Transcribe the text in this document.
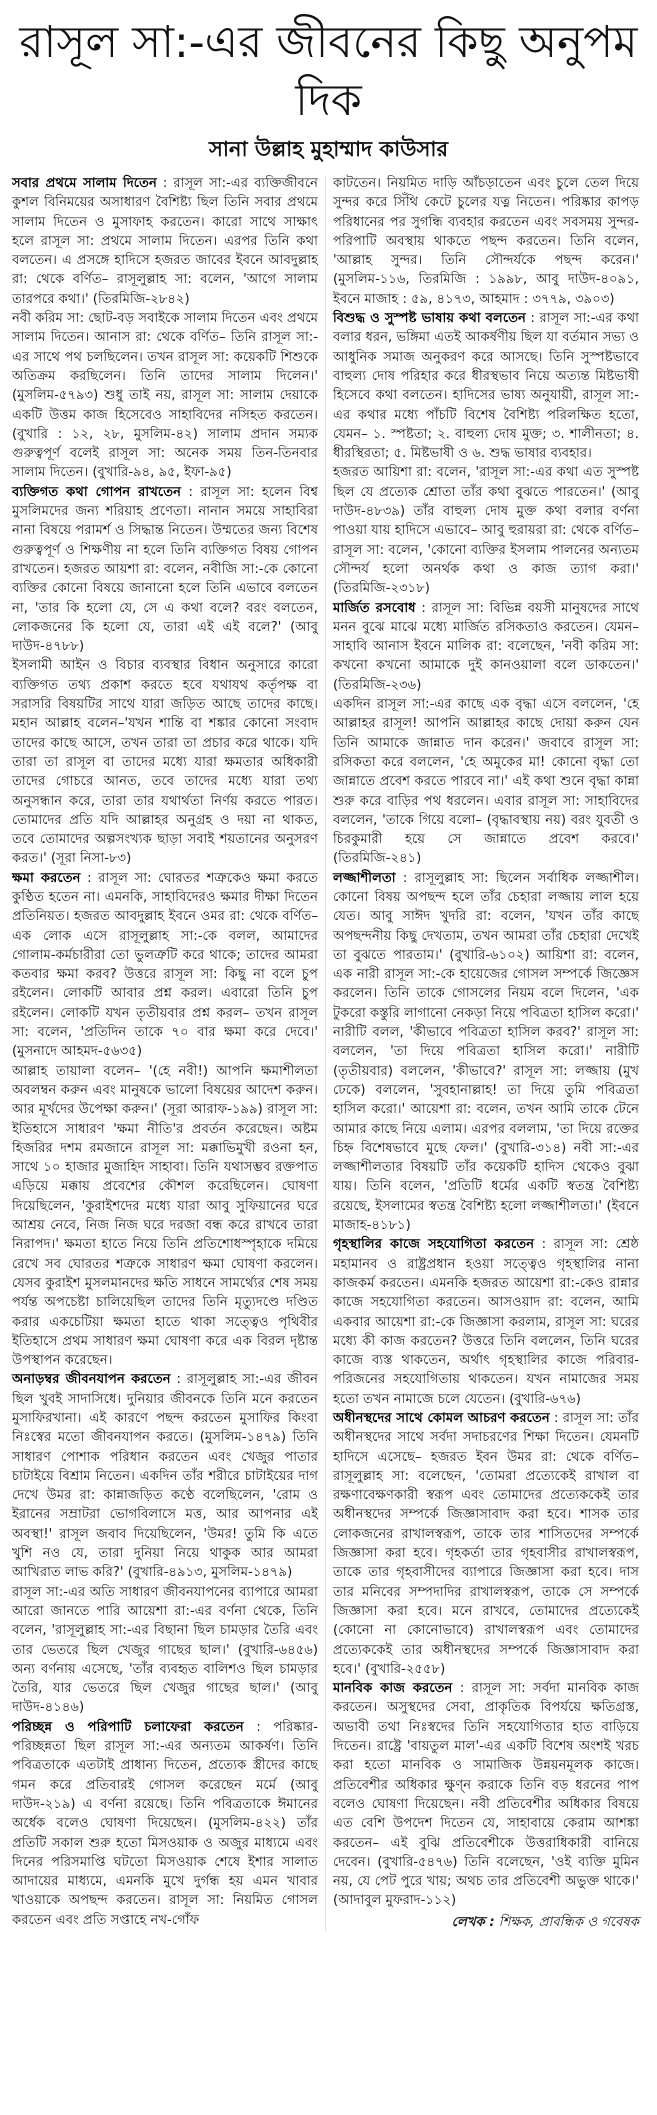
রাসূল সা:-এর জীবনের কিছু অনুপম দিক
সানা উল্লাহ মুহাম্মাদ কাউসার

সবার প্রথমে সালাম দিতেন : রাসূল সা:-এর ব্যক্তিজীবনে কুশল বিনিময়ের অসাধারণ বৈশিষ্ট্য ছিল তিনি সবার প্রথমে সালাম দিতেন ও মুসাফাহ করতেন। কারো সাথে সাক্ষাৎ হলে রাসূল সা: প্রথমে সালাম দিতেন। এরপর তিনি কথা বলতেন। এ প্রসঙ্গে হাদিসে হজরত জাবের ইবনে আবদুল্লাহ রা: থেকে বর্ণিত– রাসূলুল্লাহ সা: বলেন, 'আগে সালাম তারপরে কথা।' (তিরমিজি-২৮৪২)

নবী করিম সা: ছোট-বড় সবাইকে সালাম দিতেন এবং প্রথমে সালাম দিতেন। আনাস রা: থেকে বর্ণিত– তিনি রাসূল সা:-এর সাথে পথ চলছিলেন। তখন রাসূল সা: কয়েকটি শিশুকে অতিক্রম করছিলেন। তিনি তাদের সালাম দিলেন।' (মুসলিম-৫৭৯৩) শুধু তাই নয়, রাসূল সা: সালাম দেয়াকে একটি উত্তম কাজ হিসেবেও সাহাবিদের নসিহত করতেন। (বুখারি : ১২, ২৮, মুসলিম-৪২) সালাম প্রদান সম্যক গুরুত্বপূর্ণ বলেই রাসূল সা: অনেক সময় তিন-তিনবার সালাম দিতেন। (বুখারি-৯৪, ৯৫, ইফা-৯৫)

ব্যক্তিগত কথা গোপন রাখতেন : রাসূল সা: হলেন বিশ্ব মুসলিমদের জন্য শরিয়াহ প্রণেতা। নানান সময়ে সাহাবিরা নানা বিষয়ে পরামর্শ ও সিদ্ধান্ত নিতেন। উম্মতের জন্য বিশেষ গুরুত্বপূর্ণ ও শিক্ষণীয় না হলে তিনি ব্যক্তিগত বিষয় গোপন রাখতেন। হজরত আয়শা রা: বলেন, নবীজি সা:-কে কোনো ব্যক্তির কোনো বিষয়ে জানানো হলে তিনি এভাবে বলতেন না, 'তার কি হলো যে, সে এ কথা বলে? বরং বলতেন, লোকজনের কি হলো যে, তারা এই এই বলে?' (আবু দাউদ-৪৭৮৮)

ইসলামী আইন ও বিচার ব্যবস্থার বিধান অনুসারে কারো ব্যক্তিগত তথ্য প্রকাশ করতে হবে যথাযথ কর্তৃপক্ষ বা সরাসরি বিষয়টির সাথে যারা জড়িত আছে তাদের কাছে। মহান আল্লাহ বলেন–'যখন শান্তি বা শঙ্কার কোনো সংবাদ তাদের কাছে আসে, তখন তারা তা প্রচার করে থাকে। যদি তারা তা রাসূল বা তাদের মধ্যে যারা ক্ষমতার অধিকারী তাদের গোচরে আনত, তবে তাদের মধ্যে যারা তথ্য অনুসন্ধান করে, তারা তার যথার্থতা নির্ণয় করতে পারত। তোমাদের প্রতি যদি আল্লাহর অনুগ্রহ ও দয়া না থাকত, তবে তোমাদের অল্পসংখ্যক ছাড়া সবাই শয়তানের অনুসরণ করত।' (সূরা নিসা-৮৩)

ক্ষমা করতেন : রাসূল সা: ঘোরতর শত্রুকেও ক্ষমা করতে কুণ্ঠিত হতেন না। এমনকি, সাহাবিদেরও ক্ষমার দীক্ষা দিতেন প্রতিনিয়ত। হজরত আবদুল্লাহ ইবনে ওমর রা: থেকে বর্ণিত– এক লোক এসে রাসূলুল্লাহ সা:-কে বলল, আমাদের গোলাম-কর্মচারীরা তো ভুলত্রুটি করে থাকে; তাদের আমরা কতবার ক্ষমা করব? উত্তরে রাসূল সা: কিছু না বলে চুপ রইলেন। লোকটি আবার প্রশ্ন করল। এবারো তিনি চুপ রইলেন। লোকটি যখন তৃতীয়বার প্রশ্ন করল– তখন রাসূল সা: বলেন, 'প্রতিদিন তাকে ৭০ বার ক্ষমা করে দেবে।' (মুসনাদে আহমদ-৫৬৩৫)

আল্লাহ তায়ালা বলেন– '(হে নবী!) আপনি ক্ষমাশীলতা অবলম্বন করুন এবং মানুষকে ভালো বিষয়ের আদেশ করুন। আর মূর্খদের উপেক্ষা করুন।' (সূরা আরাফ-১৯৯) রাসূল সা: ইতিহাসে সাধারণ 'ক্ষমা নীতি'র প্রবর্তন করেছেন। অষ্টম হিজরির দশম রমজানে রাসূল সা: মক্কাভিমুখী রওনা হন, সাথে ১০ হাজার মুজাহিদ সাহাবা। তিনি যথাসম্ভব রক্তপাত এড়িয়ে মক্কায় প্রবেশের কৌশল করেছিলেন। ঘোষণা দিয়েছিলেন, 'কুরাইশদের মধ্যে যারা আবু সুফিয়ানের ঘরে আশ্রয় নেবে, নিজ নিজ ঘরে দরজা বন্ধ করে রাখবে তারা নিরাপদ।' ক্ষমতা হাতে নিয়ে তিনি প্রতিশোধস্পৃহাকে দমিয়ে রেখে সব ঘোরতর শত্রুকে সাধারণ ক্ষমা ঘোষণা করলেন। যেসব কুরাইশ মুসলমানদের ক্ষতি সাধনে সামর্থ্যের শেষ সময় পর্যন্ত অপচেষ্টা চালিয়েছিল তাদের তিনি মৃত্যুদণ্ডে দণ্ডিত করার একচেটিয়া ক্ষমতা হাতে থাকা সত্ত্বেও পৃথিবীর ইতিহাসে প্রথম সাধারণ ক্ষমা ঘোষণা করে এক বিরল দৃষ্টান্ত উপস্থাপন করেছেন।

অনাড়ম্বর জীবনযাপন করতেন : রাসূলুল্লাহ সা:-এর জীবন ছিল খুবই সাদাসিধে। দুনিয়ার জীবনকে তিনি মনে করতেন মুসাফিরখানা। এই কারণে পছন্দ করতেন মুসাফির কিংবা নিঃস্বের মতো জীবনযাপন করতে। (মুসলিম-১৪৭৯) তিনি সাধারণ পোশাক পরিধান করতেন এবং খেজুর পাতার চাটাইয়ে বিশ্রাম নিতেন। একদিন তাঁর শরীরে চাটাইয়ের দাগ দেখে উমর রা: কান্নাজড়িত কণ্ঠে বলেছিলেন, 'রোম ও ইরানের সম্রাটরা ভোগবিলাসে মত্ত, আর আপনার এই অবস্থা!' রাসূল জবাব দিয়েছিলেন, 'উমর! তুমি কি এতে খুশি নও যে, তারা দুনিয়া নিয়ে থাকুক আর আমরা আখিরাত লাভ করি?' (বুখারি-৪৯১৩, মুসলিম-১৪৭৯)

রাসূল সা:-এর অতি সাধারণ জীবনযাপনের ব্যাপারে আমরা আরো জানতে পারি আয়েশা রা:-এর বর্ণনা থেকে, তিনি বলেন, 'রাসূলুল্লাহ সা:-এর বিছানা ছিল চামড়ার তৈরি এবং তার ভেতরে ছিল খেজুর গাছের ছাল।' (বুখারি-৬৪৫৬) অন্য বর্ণনায় এসেছে, 'তাঁর ব্যবহৃত বালিশও ছিল চামড়ার তৈরি, যার ভেতরে ছিল খেজুর গাছের ছাল।' (আবু দাউদ-৪১৪৬)

পরিচ্ছন্ন ও পরিপাটি চলাফেরা করতেন : পরিষ্কার-পরিচ্ছন্নতা ছিল রাসূল সা:-এর অন্যতম আকর্ষণ। তিনি পবিত্রতাকে এতটাই প্রাধান্য দিতেন, প্রত্যেক স্ত্রীদের কাছে গমন করে প্রতিবারই গোসল করেছেন মর্মে (আবু দাউদ-২১৯) এ বর্ণনা রয়েছে। তিনি পবিত্রতাকে ঈমানের অর্ধেক বলেও ঘোষণা দিয়েছেন। (মুসলিম-৪২২) তাঁর প্রতিটি সকাল শুরু হতো মিসওয়াক ও অজুর মাধ্যমে এবং দিনের পরিসমাপ্তি ঘটতো মিসওয়াক শেষে ইশার সালাত আদায়ের মাধ্যমে, এমনকি মুখে দুর্গন্ধ হয় এমন খাবার খাওয়াকে অপছন্দ করতেন। রাসূল সা: নিয়মিত গোসল করতেন এবং প্রতি সপ্তাহে নখ-গোঁফ

কাটতেন। নিয়মিত দাড়ি আঁচড়াতেন এবং চুলে তেল দিয়ে সুন্দর করে সিঁথি কেটে চুলের যত্ন নিতেন। পরিষ্কার কাপড় পরিধানের পর সুগন্ধি ব্যবহার করতেন এবং সবসময় সুন্দর-পরিপাটি অবস্থায় থাকতে পছন্দ করতেন। তিনি বলেন, 'আল্লাহ সুন্দর। তিনি সৌন্দর্যকে পছন্দ করেন।' (মুসলিম-১১৬, তিরমিজি : ১৯৯৮, আবু দাউদ-৪০৯১, ইবনে মাজাহ : ৫৯, ৪১৭৩, আহমাদ : ৩৭৭৯, ৩৯০৩)

বিশুদ্ধ ও সুস্পষ্ট ভাষায় কথা বলতেন : রাসূল সা:-এর কথা বলার ধরন, ভঙ্গিমা এতই আকর্ষণীয় ছিল যা বর্তমান সভ্য ও আধুনিক সমাজ অনুকরণ করে আসছে। তিনি সুস্পষ্টভাবে বাহুল্য দোষ পরিহার করে ধীরস্থভাব নিয়ে অত্যন্ত মিষ্টভাষী হিসেবে কথা বলতেন। হাদিসের ভাষ্য অনুযায়ী, রাসূল সা:-এর কথার মধ্যে পাঁচটি বিশেষ বৈশিষ্ট্য পরিলক্ষিত হতো, যেমন– ১. স্পষ্টতা; ২. বাহুল্য দোষ মুক্ত; ৩. শালীনতা; ৪. ধীরস্থিরতা; ৫. মিষ্টভাষী ও ৬. শুদ্ধ ভাষার ব্যবহার।

হজরত আয়িশা রা: বলেন, 'রাসূল সা:-এর কথা এত সুস্পষ্ট ছিল যে প্রত্যেক শ্রোতা তাঁর কথা বুঝতে পারতেন।' (আবু দাউদ-৪৮৩৯) তাঁর বাহুল্য দোষ মুক্ত কথা বলার বর্ণনা পাওয়া যায় হাদিসে এভাবে– আবু হুরায়রা রা: থেকে বর্ণিত– রাসূল সা: বলেন, 'কোনো ব্যক্তির ইসলাম পালনের অন্যতম সৌন্দর্য হলো অনর্থক কথা ও কাজ ত্যাগ করা।' (তিরমিজি-২৩১৮)

মার্জিত রসবোধ : রাসূল সা: বিভিন্ন বয়সী মানুষদের সাথে মনন বুঝে মাঝে মধ্যে মার্জিত রসিকতাও করতেন। যেমন– সাহাবি আনাস ইবনে মালিক রা: বলেছেন, 'নবী করিম সা: কখনো কখনো আমাকে দুই কানওয়ালা বলে ডাকতেন।' (তিরমিজি-২৩৬)

একদিন রাসূল সা:-এর কাছে এক বৃদ্ধা এসে বললেন, 'হে আল্লাহর রাসূল! আপনি আল্লাহর কাছে দোয়া করুন যেন তিনি আমাকে জান্নাত দান করেন।' জবাবে রাসূল সা: রসিকতা করে বললেন, 'হে অমুকের মা! কোনো বৃদ্ধা তো জান্নাতে প্রবেশ করতে পারবে না।' এই কথা শুনে বৃদ্ধা কান্না শুরু করে বাড়ির পথ ধরলেন। এবার রাসূল সা: সাহাবিদের বললেন, 'তাকে গিয়ে বলো– (বৃদ্ধাবস্থায় নয়) বরং যুবতী ও চিরকুমারী হয়ে সে জান্নাতে প্রবেশ করবে।' (তিরমিজি-২৪১)

লজ্জাশীলতা : রাসূলুল্লাহ সা: ছিলেন সর্বাধিক লজ্জাশীল। কোনো বিষয় অপছন্দ হলে তাঁর চেহারা লজ্জায় লাল হয়ে যেত। আবু সাঈদ খুদরি রা: বলেন, 'যখন তাঁর কাছে অপছন্দনীয় কিছু দেখতাম, তখন আমরা তাঁর চেহারা দেখেই তা বুঝতে পারতাম।' (বুখারি-৬১০২) আয়িশা রা: বলেন, এক নারী রাসূল সা:-কে হায়েজের গোসল সম্পর্কে জিজ্ঞেস করলেন। তিনি তাকে গোসলের নিয়ম বলে দিলেন, 'এক টুকরো কস্তুরি লাগানো নেকড়া নিয়ে পবিত্রতা হাসিল করো।' নারীটি বলল, 'কীভাবে পবিত্রতা হাসিল করব?' রাসূল সা: বললেন, 'তা দিয়ে পবিত্রতা হাসিল করো।' নারীটি (তৃতীয়বার) বললেন, 'কীভাবে?' রাসূল সা: লজ্জায় (মুখ ঢেকে) বললেন, 'সুবহানাল্লাহ! তা দিয়ে তুমি পবিত্রতা হাসিল করো।' আয়েশা রা: বলেন, তখন আমি তাকে টেনে আমার কাছে নিয়ে এলাম। এরপর বললাম, 'তা দিয়ে রক্তের চিহ্ন বিশেষভাবে মুছে ফেল।' (বুখারি-৩১৪) নবী সা:-এর লজ্জাশীলতার বিষয়টি তাঁর কয়েকটি হাদিস থেকেও বুঝা যায়। তিনি বলেন, 'প্রতিটি ধর্মের একটি স্বতন্ত্র বৈশিষ্ট্য রয়েছে, ইসলামের স্বতন্ত্র বৈশিষ্ট্য হলো লজ্জাশীলতা।' (ইবনে মাজাহ-৪১৮১)

গৃহস্থালির কাজে সহযোগিতা করতেন : রাসূল সা: শ্রেষ্ঠ মহামানব ও রাষ্ট্রপ্রধান হওয়া সত্ত্বেও গৃহস্থালির নানা কাজকর্ম করতেন। এমনকি হজরত আয়েশা রা:-কেও রান্নার কাজে সহযোগিতা করতেন। আসওয়াদ রা: বলেন, আমি একবার আয়েশা রা:-কে জিজ্ঞাসা করলাম, রাসূল সা: ঘরের মধ্যে কী কাজ করতেন? উত্তরে তিনি বললেন, তিনি ঘরের কাজে ব্যস্ত থাকতেন, অর্থাৎ গৃহস্থালির কাজে পরিবার-পরিজনের সহযোগিতায় থাকতেন। যখন নামাজের সময় হতো তখন নামাজে চলে যেতেন। (বুখারি-৬৭৬)

অধীনস্থদের সাথে কোমল আচরণ করতেন : রাসূল সা: তাঁর অধীনস্থদের সাথে সর্বদা সদাচরণের শিক্ষা দিতেন। যেমনটি হাদিসে এসেছে– হজরত ইবন উমর রা: থেকে বর্ণিত– রাসূলুল্লাহ সা: বলেছেন, 'তোমরা প্রত্যেকেই রাখাল বা রক্ষণাবেক্ষণকারী স্বরূপ এবং তোমাদের প্রত্যেককেই তার অধীনস্থদের সম্পর্কে জিজ্ঞাসাবাদ করা হবে। শাসক তার লোকজনের রাখালস্বরূপ, তাকে তার শাসিতদের সম্পর্কে জিজ্ঞাসা করা হবে। গৃহকর্তা তার গৃহবাসীর রাখালস্বরূপ, তাকে তার গৃহবাসীদের ব্যাপারে জিজ্ঞাসা করা হবে। দাস তার মনিবের সম্পদাদির রাখালস্বরূপ, তাকে সে সম্পর্কে জিজ্ঞাসা করা হবে। মনে রাখবে, তোমাদের প্রত্যেকেই (কোনো না কোনোভাবে) রাখালস্বরূপ এবং তোমাদের প্রত্যেককেই তার অধীনস্থদের সম্পর্কে জিজ্ঞাসাবাদ করা হবে।' (বুখারি-২৫৫৮)

মানবিক কাজ করতেন : রাসূল সা: সর্বদা মানবিক কাজ করতেন। অসুস্থদের সেবা, প্রাকৃতিক বিপর্যয়ে ক্ষতিগ্রস্ত, অভাবী তথা নিঃস্বদের তিনি সহযোগিতার হাত বাড়িয়ে দিতেন। রাষ্ট্রে 'বায়তুল মাল'-এর একটি বিশেষ অংশই খরচ করা হতো মানবিক ও সামাজিক উন্নয়নমূলক কাজে। প্রতিবেশীর অধিকার ক্ষুণ্ন করাকে তিনি বড় ধরনের পাপ বলেও ঘোষণা দিয়েছেন। নবী প্রতিবেশীর অধিকার বিষয়ে এত বেশি উপদেশ দিতেন যে, সাহাবায়ে কেরাম আশঙ্কা করতেন– এই বুঝি প্রতিবেশীকে উত্তরাধিকারী বানিয়ে দেবেন। (বুখারি-৫৪৭৬) তিনি বলেছেন, 'ওই ব্যক্তি মুমিন নয়, যে পেট পুরে খায়; অথচ তার প্রতিবেশী অভুক্ত থাকে।' (আদাবুল মুফরাদ-১১২)

লেখক : শিক্ষক, প্রাবন্ধিক ও গবেষক
